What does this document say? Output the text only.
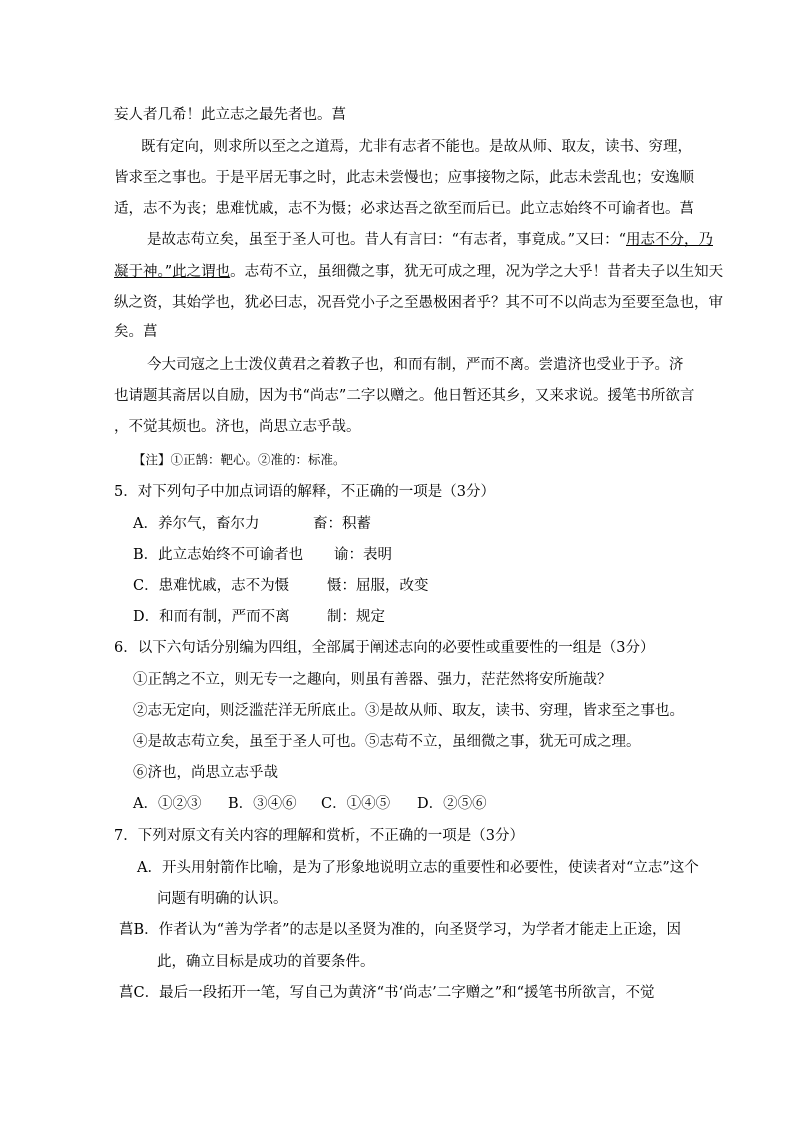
妄人者几希！此立志之最先者也。菖
既有定向，则求所以至之之道焉，尤非有志者不能也。是故从师、取友，读书、穷理，
皆求至之事也。于是平居无事之时，此志未尝慢也；应事接物之际，此志未尝乱也；安逸顺
适，志不为丧；患难忧戚，志不为慑；必求达吾之欲至而后已。此立志始终不可谕者也。菖
是故志苟立矣，虽至于圣人可也。昔人有言曰：“有志者，事竟成。”又曰：“用志不分，乃
凝于神。”此之谓也。志苟不立，虽细微之事，犹无可成之理，况为学之大乎！昔者夫子以生知天
纵之资，其始学也，犹必曰志，况吾党小子之至愚极困者乎？其不可不以尚志为至要至急也，审
矣。菖
今大司寇之上士泼仪黄君之着教子也，和而有制，严而不离。尝遣济也受业于予。济
也请题其斋居以自励，因为书“尚志”二字以赠之。他日暂还其乡，又来求说。援笔书所欲言
，不觉其烦也。济也，尚思立志乎哉。
【注】①正鹄：靶心。②准的：标准。
5．对下列句子中加点词语的解释，不正确的一项是（3分）
A．养尔气，畜尔力	畜：积蓄
B．此立志始终不可谕者也 谕：表明
C．患难忧戚，志不为慑	慑：屈服，改变
D．和而有制，严而不离	制：规定
6．以下六句话分别编为四组，全部属于阐述志向的必要性或重要性的一组是（3分）
①正鹄之不立，则无专一之趣向，则虽有善器、强力，茫茫然将安所施哉？
②志无定向，则泛滥茫洋无所底止。③是故从师、取友，读书、穷理，皆求至之事也。
④是故志苟立矣，虽至于圣人可也。⑤志苟不立，虽细微之事，犹无可成之理。
⑥济也，尚思立志乎哉
A．①②③ B．③④⑥ C．①④⑤ D．②⑤⑥
7．下列对原文有关内容的理解和赏析，不正确的一项是（3分）
A．开头用射箭作比喻，是为了形象地说明立志的重要性和必要性，使读者对“立志”这个
问题有明确的认识。
菖B．作者认为“善为学者”的志是以圣贤为准的，向圣贤学习，为学者才能走上正途，因
此，确立目标是成功的首要条件。
菖C．最后一段拓开一笔，写自己为黄济“书‘尚志’二字赠之”和“援笔书所欲言，不觉
